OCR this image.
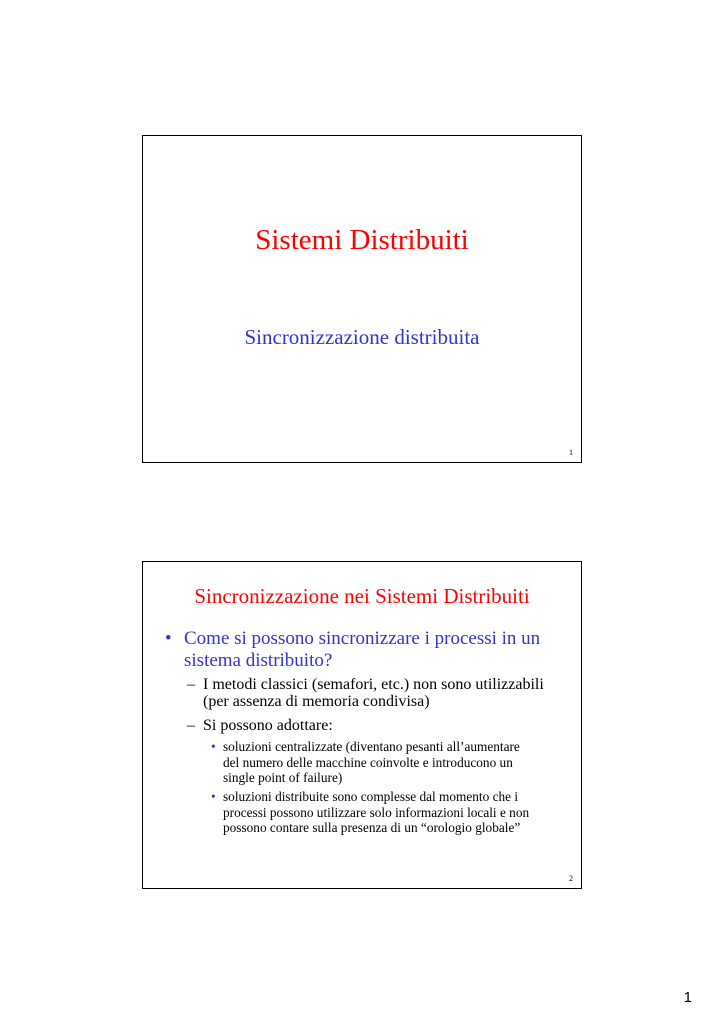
Sistemi Distribuiti
Sincronizzazione distribuita
1
Sincronizzazione nei Sistemi Distribuiti
• Come si possono sincronizzare i processi in un sistema distribuito?
– I metodi classici (semafori, etc.) non sono utilizzabili (per assenza di memoria condivisa)
– Si possono adottare:
• soluzioni centralizzate (diventano pesanti all’aumentare del numero delle macchine coinvolte e introducono un single point of failure)
• soluzioni distribuite sono complesse dal momento che i processi possono utilizzare solo informazioni locali e non possono contare sulla presenza di un “orologio globale”
2
1
